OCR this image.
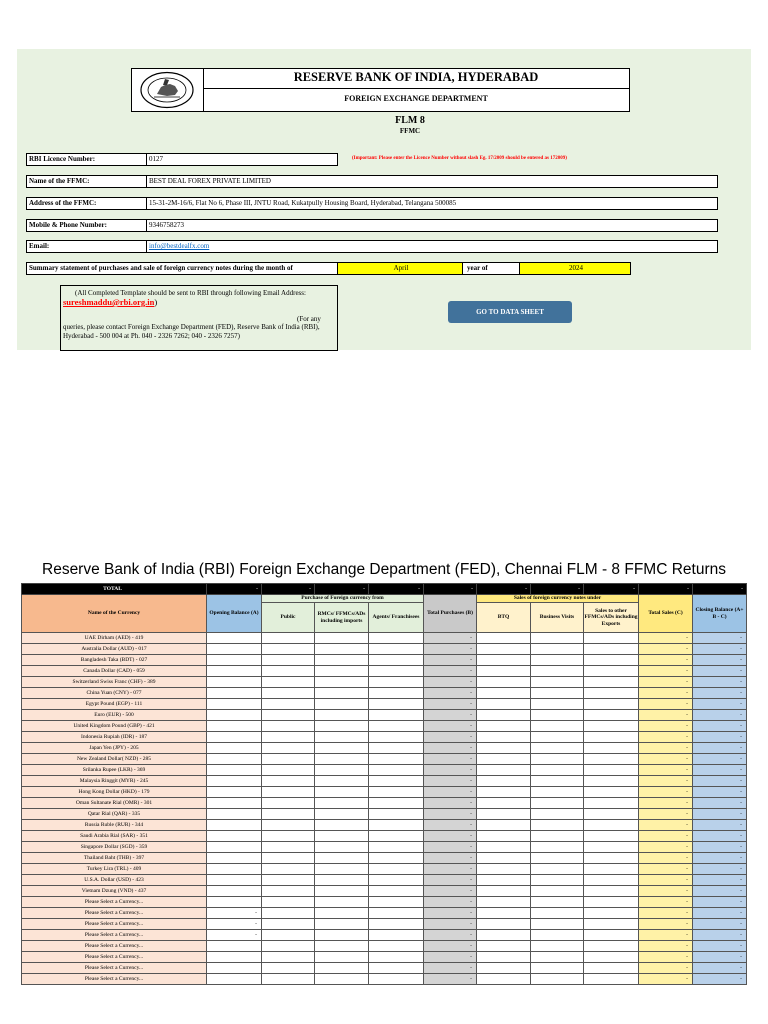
RESERVE BANK OF INDIA, HYDERABAD
FOREIGN EXCHANGE DEPARTMENT
FLM 8
FFMC
RBI Licence Number:	0127	(Important: Please enter the Licence Number without slash Eg. 17/2009 should be entered as 172009)
Name of the FFMC:	BEST DEAL FOREX PRIVATE LIMITED
Address of the FFMC:	15-31-2M-16/6, Flat No 6, Phase III, JNTU Road, Kukatpully Housing Board, Hyderabad, Telangana 500085
Mobile & Phone Number:	9346758273
Email:	info@bestdealfx.com
Summary statement of purchases and sale of foreign currency notes during the month of	April	year of	2024
(All Completed Template should be sent to RBI through following Email Address:
sureshmaddu@rbi.org.in)
(For any
queries, please contact Foreign Exchange Department (FED), Reserve Bank of India (RBI), Hyderabad - 500 004 at Ph. 040 - 2326 7262; 040 - 2326 7257)
GO TO DATA SHEET
Reserve Bank of India (RBI) Foreign Exchange Department (FED), Chennai FLM - 8 FFMC Returns
TOTAL	-	-	-	-	-	-	-	-	-	-
Name of the Currency	Opening Balance (A)	Purchase of Foreign currency from			Total Purchases (B)	Sales of foreign currency notes under			Total Sales (C)	Closing Balance (A+ B - C)
		Public	RMCs/ FFMCs/ADs including imports	Agents/ Franchisees		BTQ	Business Visits	Sales to other FFMCs/ADs including Exports		
UAE Dirham (AED) - 419					-				-	-
Australia Dollar (AUD) - 017					-				-	-
Bangladesh Taka (BDT) - 027					-				-	-
Canada Dollar (CAD) - 059					-				-	-
Switzerland Swiss Franc (CHF) - 389					-				-	-
China Yuan (CNY) - 077					-				-	-
Egypt Pound (EGP) - 111					-				-	-
Euro (EUR) - 500					-				-	-
United Kingdom Pound (GBP) - 421					-				-	-
Indonesia Rupiah (IDR) - 187					-				-	-
Japan Yen (JPY) - 205					-				-	-
New Zealand Dollar( NZD) - 285					-				-	-
Srilanka Rupee (LKR) - 369					-				-	-
Malaysia Ringgit (MYR) - 245					-				-	-
Hong Kong Dollar (HKD) - 179					-				-	-
Oman Sultanate Rial (OMR) - 301					-				-	-
Qatar Rial (QAR) - 335					-				-	-
Russia Ruble (RUR) - 344					-				-	-
Saudi Arabia Rial (SAR) - 351					-				-	-
Singapore Dollar (SGD) - 359					-				-	-
Thailand Baht (THB) - 397					-				-	-
Turkey Lira (TRL) - 409					-				-	-
U.S.A. Dollar (USD) - 423					-				-	-
Vietnam Dzung (VND) - 437					-				-	-
Please Select a Currency...					-				-	-
Please Select a Currency...	-				-				-	-
Please Select a Currency...	-				-				-	-
Please Select a Currency...	-				-				-	-
Please Select a Currency...					-				-	-
Please Select a Currency...					-				-	-
Please Select a Currency...					-				-	-
Please Select a Currency...					-				-	-
